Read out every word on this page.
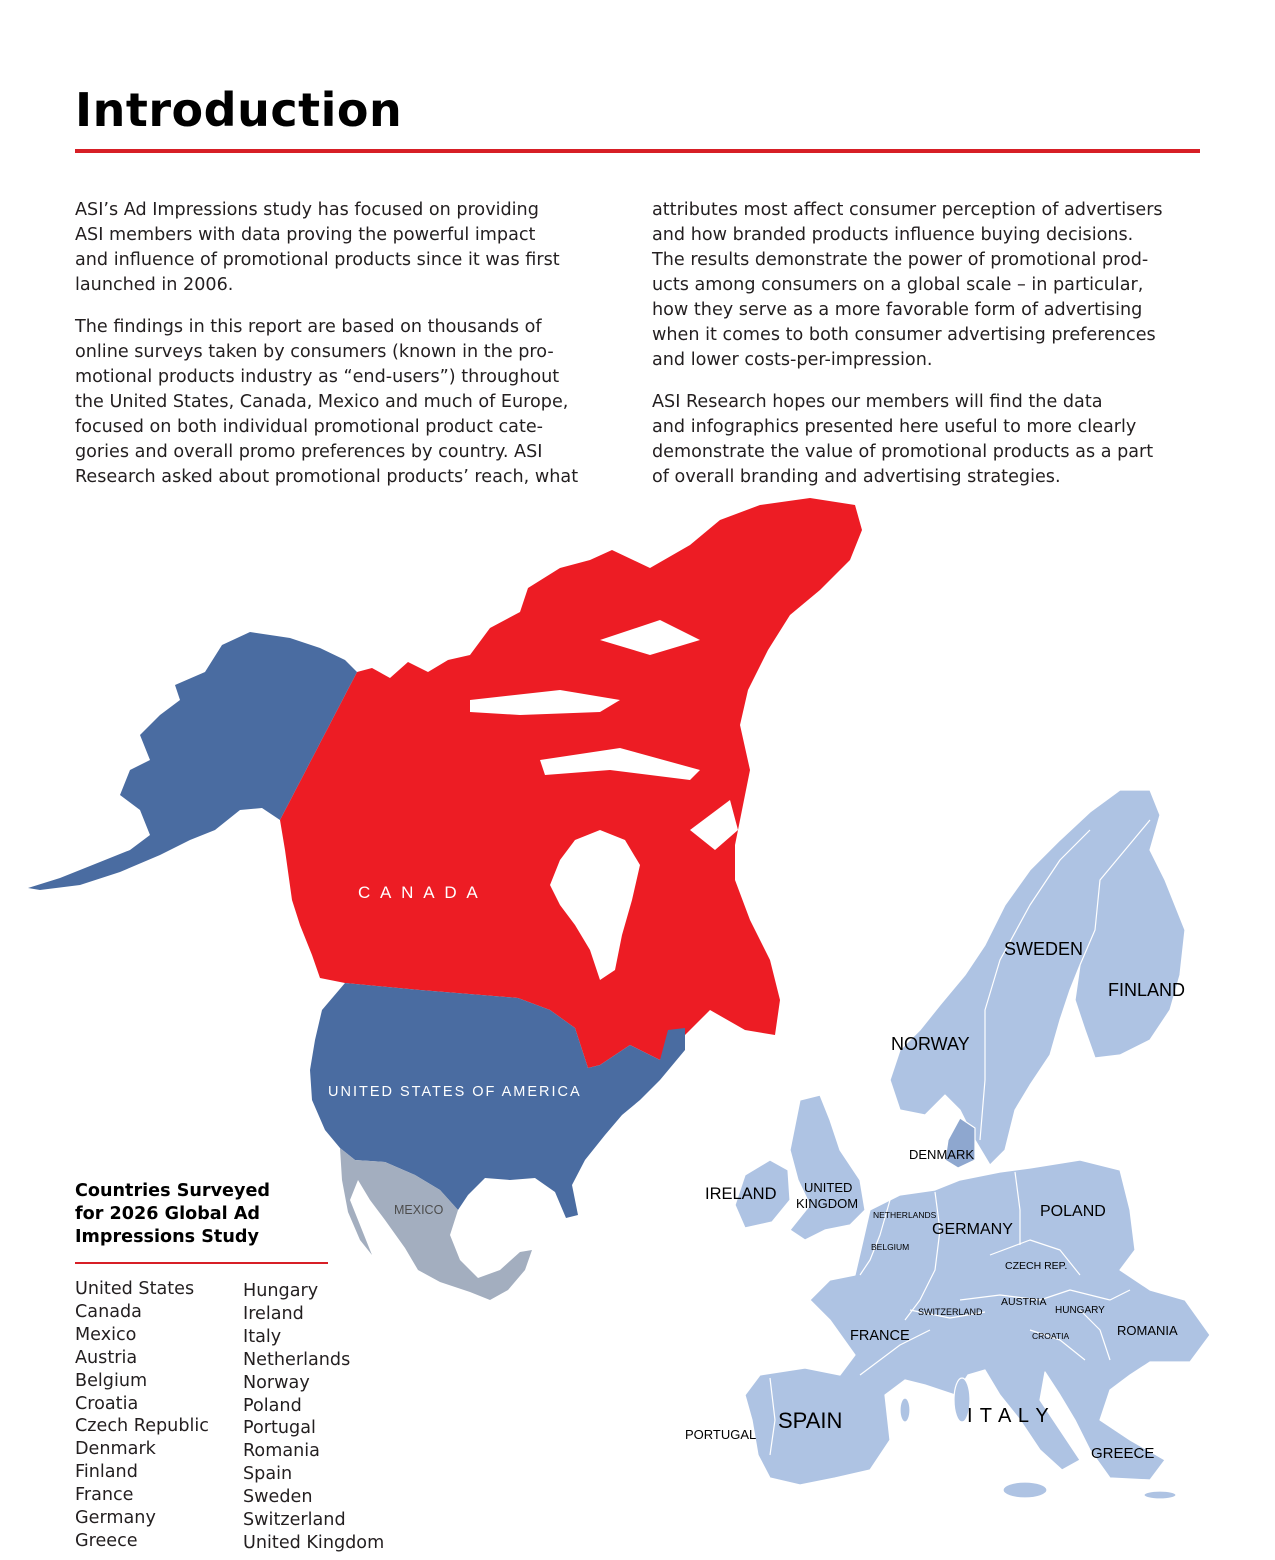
Introduction

ASI’s Ad Impressions study has focused on providing
ASI members with data proving the powerful impact
and influence of promotional products since it was first
launched in 2006.

The findings in this report are based on thousands of
online surveys taken by consumers (known in the pro-
motional products industry as “end-users”) throughout
the United States, Canada, Mexico and much of Europe,
focused on both individual promotional product cate-
gories and overall promo preferences by country. ASI
Research asked about promotional products’ reach, what

attributes most affect consumer perception of advertisers
and how branded products influence buying decisions.
The results demonstrate the power of promotional prod-
ucts among consumers on a global scale – in particular,
how they serve as a more favorable form of advertising
when it comes to both consumer advertising preferences
and lower costs-per-impression.

ASI Research hopes our members will find the data
and infographics presented here useful to more clearly
demonstrate the value of promotional products as a part
of overall branding and advertising strategies.

C A N A D A
UNITED STATES OF AMERICA
MEXICO
SWEDEN
FINLAND
NORWAY
DENMARK
IRELAND UNITED
KINGDOM
NETHERLANDS
BELGIUM
GERMANY
POLAND
CZECH REP.
AUSTRIA
HUNGARY
SWITZERLAND
CROATIA	ROMANIA
FRANCE
SPAIN
PORTUGAL
I T A L Y
GREECE
Countries Surveyed
for 2026 Global Ad
Impressions Study
United States
Canada
Mexico
Austria
Belgium
Croatia
Czech Republic
Denmark
Finland
France
Germany
Greece
Hungary
Ireland
Italy
Netherlands
Norway
Poland
Portugal
Romania
Spain
Sweden
Switzerland
United Kingdom
